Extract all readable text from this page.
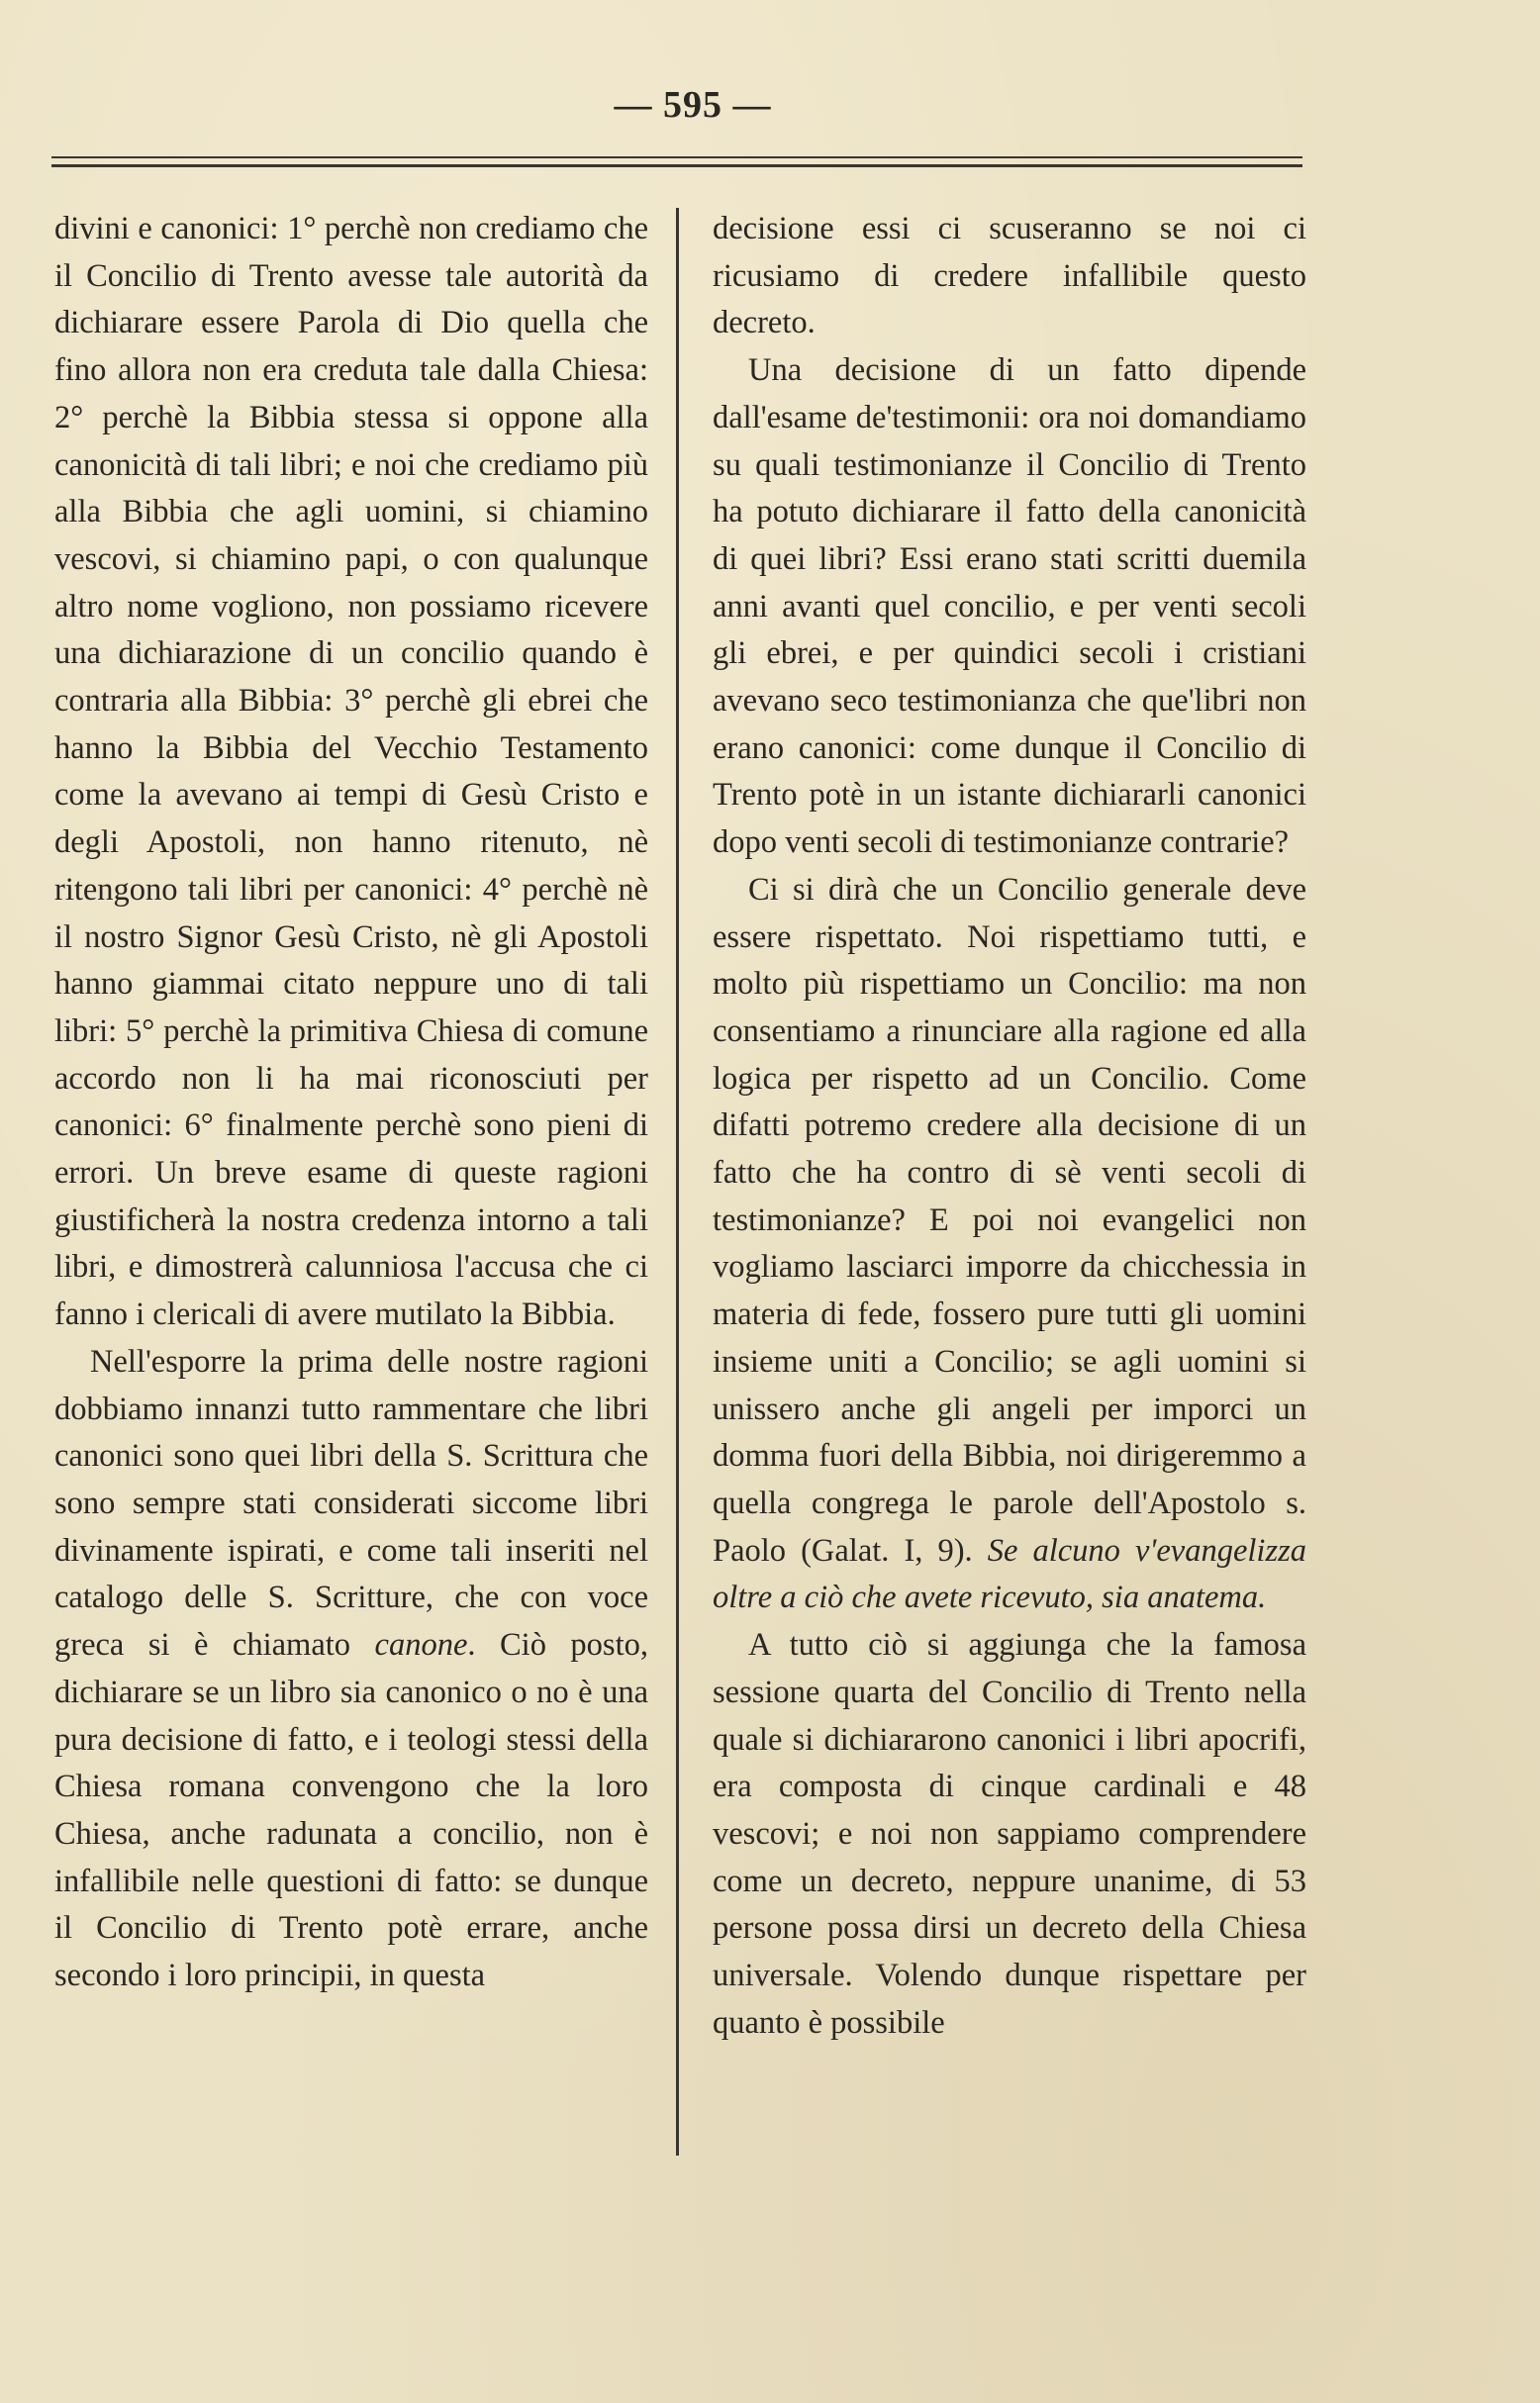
— 595 —

divini e canonici: 1° perchè non crediamo che il Concilio di Trento avesse tale autorità da dichiarare essere Parola di Dio quella che fino allora non era creduta tale dalla Chiesa: 2° perchè la Bibbia stessa si oppone alla canonicità di tali libri; e noi che crediamo più alla Bibbia che agli uomini, si chiamino vescovi, si chiamino papi, o con qualunque altro nome vogliono, non possiamo ricevere una dichiarazione di un concilio quando è contraria alla Bibbia: 3° perchè gli ebrei che hanno la Bibbia del Vecchio Testamento come la avevano ai tempi di Gesù Cristo e degli Apostoli, non hanno ritenuto, nè ritengono tali libri per canonici: 4° perchè nè il nostro Signor Gesù Cristo, nè gli Apostoli hanno giammai citato neppure uno di tali libri: 5° perchè la primitiva Chiesa di comune accordo non li ha mai riconosciuti per canonici: 6° finalmente perchè sono pieni di errori. Un breve esame di queste ragioni giustificherà la nostra credenza intorno a tali libri, e dimostrerà calunniosa l'accusa che ci fanno i clericali di avere mutilato la Bibbia.

Nell'esporre la prima delle nostre ragioni dobbiamo innanzi tutto rammentare che libri canonici sono quei libri della S. Scrittura che sono sempre stati considerati siccome libri divinamente ispirati, e come tali inseriti nel catalogo delle S. Scritture, che con voce greca si è chiamato canone. Ciò posto, dichiarare se un libro sia canonico o no è una pura decisione di fatto, e i teologi stessi della Chiesa romana convengono che la loro Chiesa, anche radunata a concilio, non è infallibile nelle questioni di fatto: se dunque il Concilio di Trento potè errare, anche secondo i loro principii, in questa

decisione essi ci scuseranno se noi ci ricusiamo di credere infallibile questo decreto.

Una decisione di un fatto dipende dall'esame de'testimonii: ora noi domandiamo su quali testimonianze il Concilio di Trento ha potuto dichiarare il fatto della canonicità di quei libri? Essi erano stati scritti duemila anni avanti quel concilio, e per venti secoli gli ebrei, e per quindici secoli i cristiani avevano seco testimonianza che que'libri non erano canonici: come dunque il Concilio di Trento potè in un istante dichiararli canonici dopo venti secoli di testimonianze contrarie?

Ci si dirà che un Concilio generale deve essere rispettato. Noi rispettiamo tutti, e molto più rispettiamo un Concilio: ma non consentiamo a rinunciare alla ragione ed alla logica per rispetto ad un Concilio. Come difatti potremo credere alla decisione di un fatto che ha contro di sè venti secoli di testimonianze? E poi noi evangelici non vogliamo lasciarci imporre da chicchessia in materia di fede, fossero pure tutti gli uomini insieme uniti a Concilio; se agli uomini si unissero anche gli angeli per imporci un domma fuori della Bibbia, noi dirigeremmo a quella congrega le parole dell'Apostolo s. Paolo (Galat. I, 9). Se alcuno v'evangelizza oltre a ciò che avete ricevuto, sia anatema.

A tutto ciò si aggiunga che la famosa sessione quarta del Concilio di Trento nella quale si dichiararono canonici i libri apocrifi, era composta di cinque cardinali e 48 vescovi; e noi non sappiamo comprendere come un decreto, neppure unanime, di 53 persone possa dirsi un decreto della Chiesa universale. Volendo dunque rispettare per quanto è possibile
